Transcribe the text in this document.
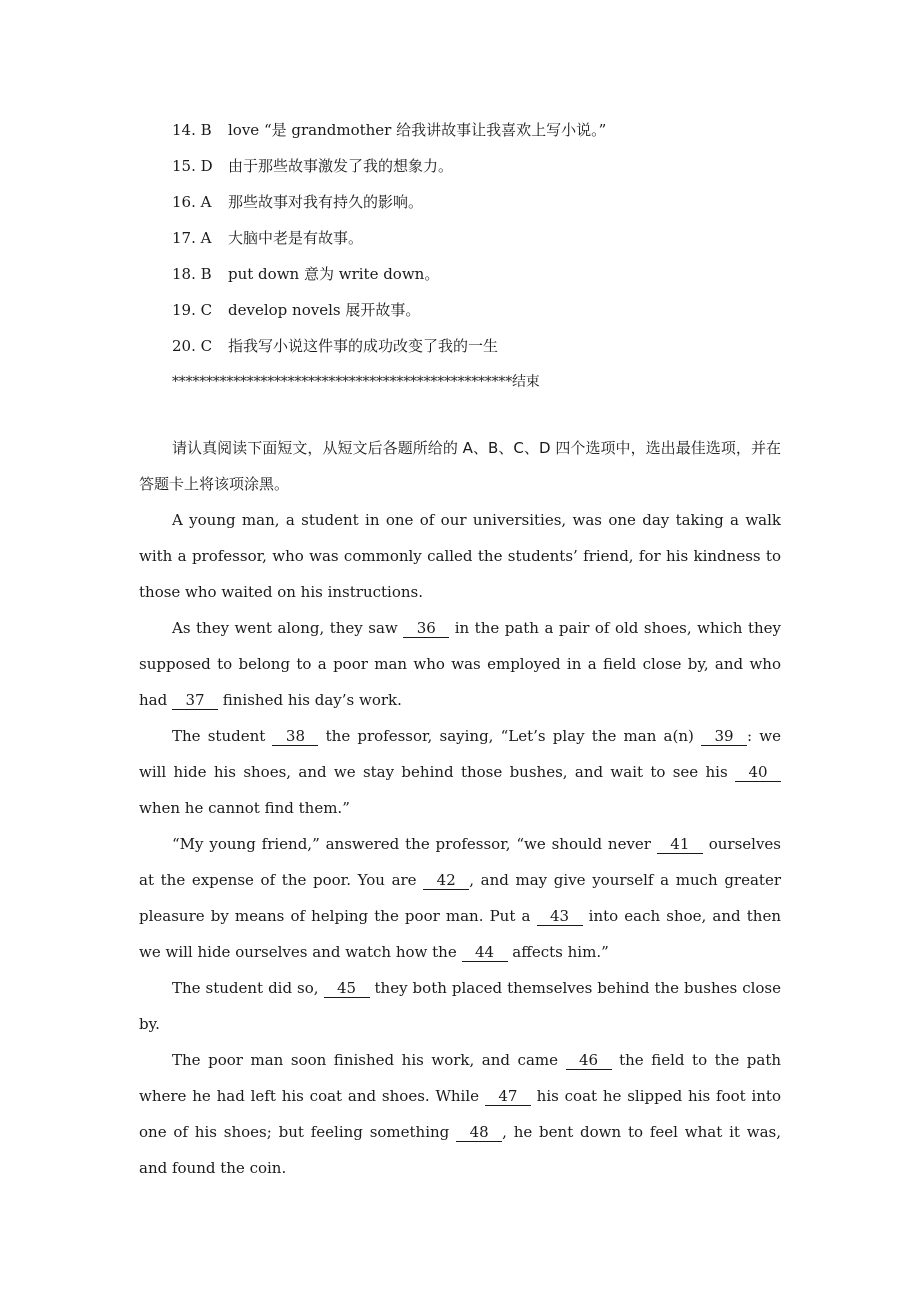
14. B love “是 grandmother 给我讲故事让我喜欢上写小说。”
15. D 由于那些故事激发了我的想象力。
16. A 那些故事对我有持久的影响。
17. A 大脑中老是有故事。
18. B put down 意为 write down。
19. C develop novels 展开故事。
20. C 指我写小说这件事的成功改变了我的一生
**************************************************结束

请认真阅读下面短文，从短文后各题所给的 A、B、C、D 四个选项中，选出最佳选项，并在答题卡上将该项涂黑。

A young man, a student in one of our universities, was one day taking a walk with a professor, who was commonly called the students’ friend, for his kindness to those who waited on his instructions.

As they went along, they saw 36 in the path a pair of old shoes, which they supposed to belong to a poor man who was employed in a field close by, and who had 37 finished his day’s work.

The student 38 the professor, saying, “Let’s play the man a(n) 39 : we will hide his shoes, and we stay behind those bushes, and wait to see his 40 when he cannot find them.”

“My young friend,” answered the professor, “we should never 41 ourselves at the expense of the poor. You are 42 , and may give yourself a much greater pleasure by means of helping the poor man. Put a 43 into each shoe, and then we will hide ourselves and watch how the 44 affects him.”

The student did so, 45 they both placed themselves behind the bushes close by.

The poor man soon finished his work, and came 46 the field to the path where he had left his coat and shoes. While 47 his coat he slipped his foot into one of his shoes; but feeling something 48 , he bent down to feel what it was, and found the coin.
